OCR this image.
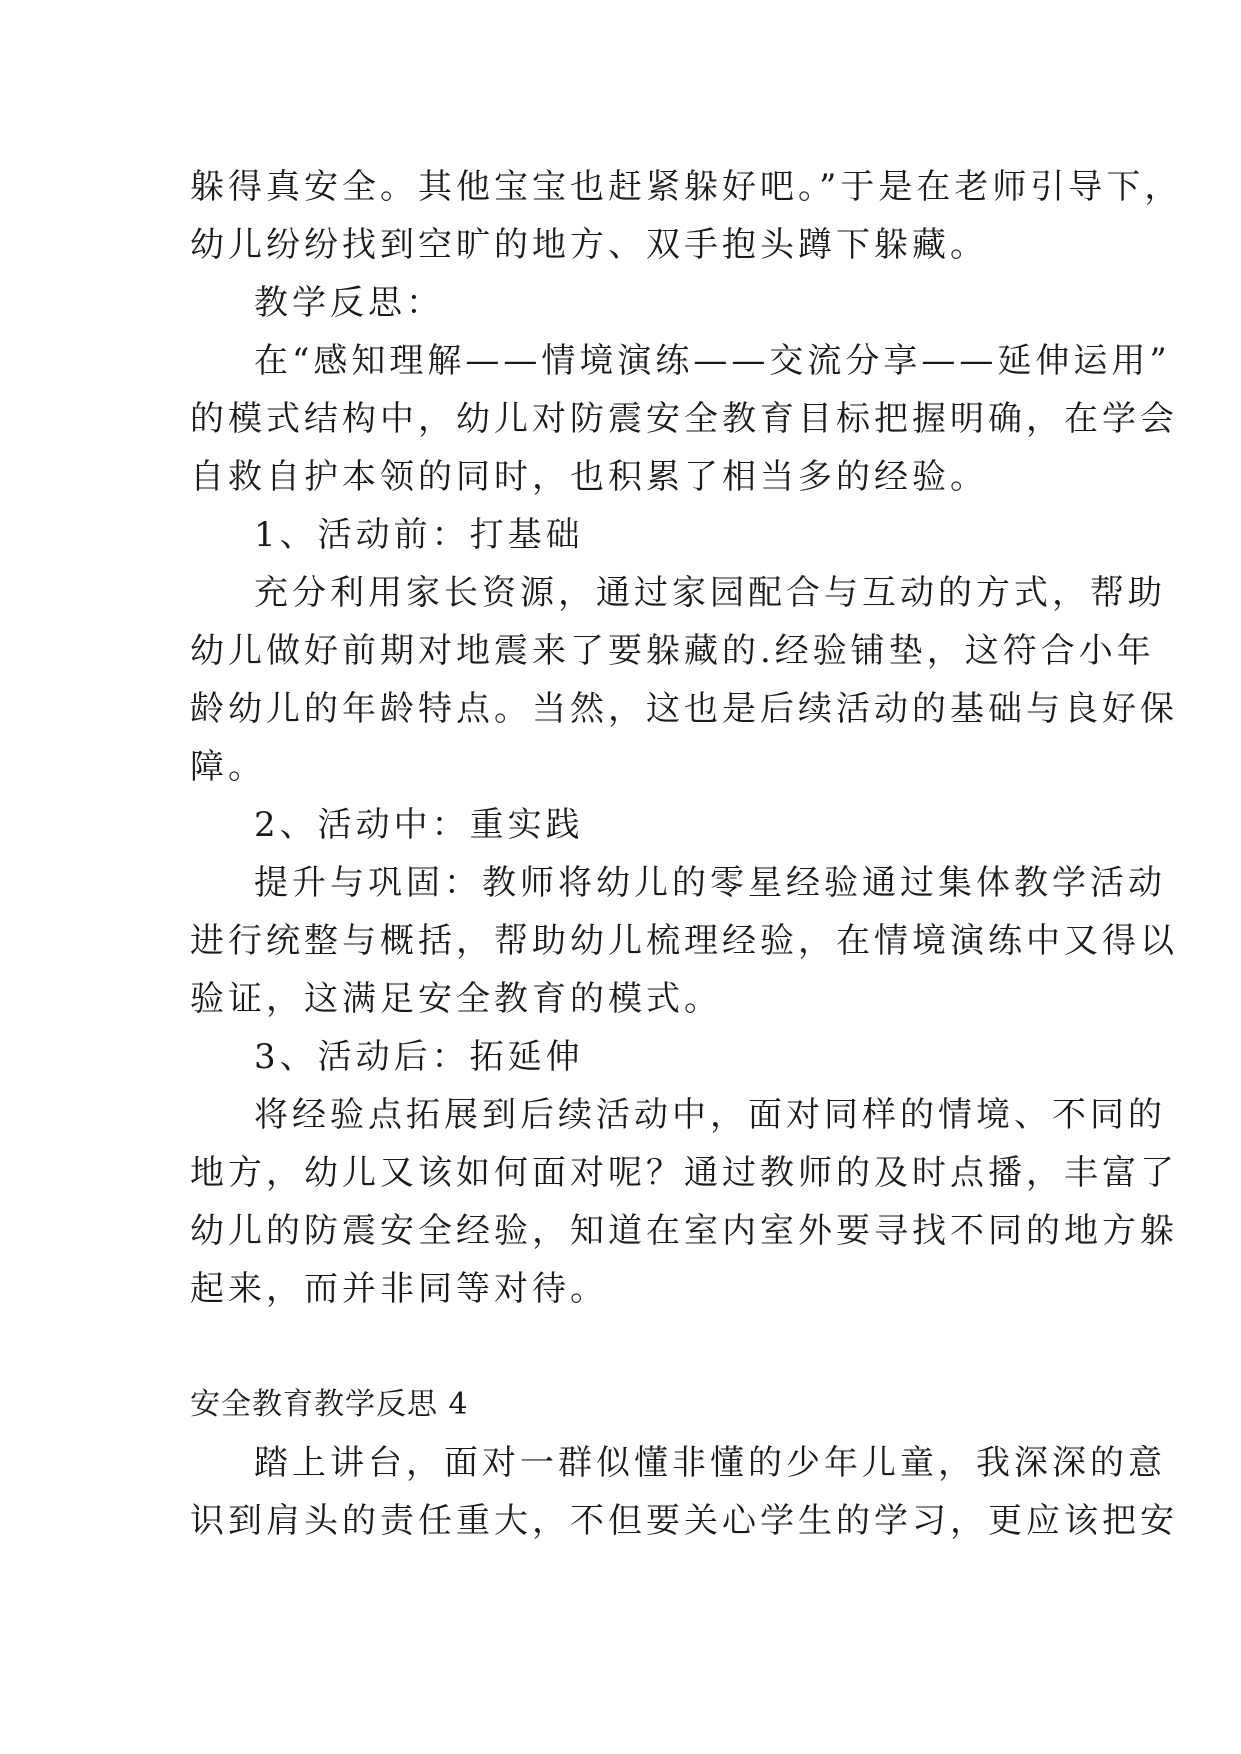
躲得真安全。其他宝宝也赶紧躲好吧。”于是在老师引导下，
幼儿纷纷找到空旷的地方、双手抱头蹲下躲藏。
教学反思：
在“感知理解——情境演练——交流分享——延伸运用”
的模式结构中，幼儿对防震安全教育目标把握明确，在学会
自救自护本领的同时，也积累了相当多的经验。
1、活动前：打基础
充分利用家长资源，通过家园配合与互动的方式，帮助
幼儿做好前期对地震来了要躲藏的.经验铺垫，这符合小年
龄幼儿的年龄特点。当然，这也是后续活动的基础与良好保
障。
2、活动中：重实践
提升与巩固：教师将幼儿的零星经验通过集体教学活动
进行统整与概括，帮助幼儿梳理经验，在情境演练中又得以
验证，这满足安全教育的模式。
3、活动后：拓延伸
将经验点拓展到后续活动中，面对同样的情境、不同的
地方，幼儿又该如何面对呢？通过教师的及时点播，丰富了
幼儿的防震安全经验，知道在室内室外要寻找不同的地方躲
起来，而并非同等对待。
安全教育教学反思 4
踏上讲台，面对一群似懂非懂的少年儿童，我深深的意
识到肩头的责任重大，不但要关心学生的学习，更应该把安
